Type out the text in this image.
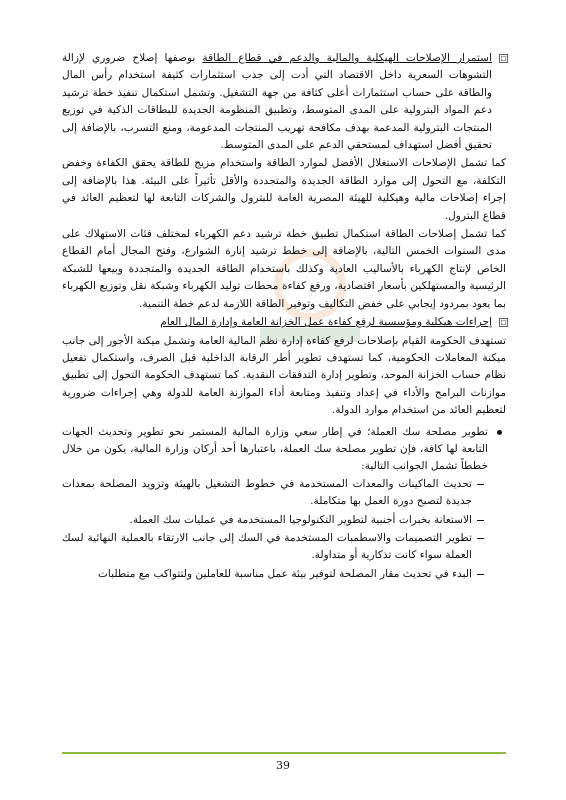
استمرار الإصلاحات الهيكلية والمالية والدعم في قطاع الطاقة بوصفها إصلاح ضروري لإزالة التشوهات السعرية داخل الاقتصاد التي أدت إلى جذب استثمارات كثيفة استخدام رأس المال والطاقة على حساب استثمارات أعلى كثافة من جهة التشغيل. وتشمل استكمال تنفيذ خطة ترشيد دعم المواد البترولية على المدى المتوسط، وتطبيق المنظومة الجديدة للبطاقات الذكية في توزيع المنتجات البترولية المدعمة بهدف مكافحة تهريب المنتجات المدعومة، ومنع التسرب، بالإضافة إلى تحقيق أفضل استهداف لمستحقي الدعم على المدى المتوسط.

كما تشمل الإصلاحات الاستغلال الأفضل لموارد الطاقة واستخدام مزيج للطاقة يحقق الكفاءة وخفض التكلفة، مع التحول إلى موارد الطاقة الجديدة والمتجددة والأقل تأثيراً على البيئة. هذا بالإضافة إلى إجراء إصلاحات مالية وهيكلية للهيئة المصرية العامة للبترول والشركات التابعة لها لتعظيم العائد في قطاع البترول.

كما تشمل إصلاحات الطاقة استكمال تطبيق خطة ترشيد دعم الكهرباء لمختلف فئات الاستهلاك على مدى السنوات الخمس التالية، بالإضافة إلى خطط ترشيد إنارة الشوارع، وفتح المجال أمام القطاع الخاص لإنتاج الكهرباء بالأساليب العادية وكذلك باستخدام الطاقة الجديدة والمتجددة وبيعها للشبكة الرئيسية والمستهلكين بأسعار اقتصادية، ورفع كفاءة محطات توليد الكهرباء وشبكة نقل وتوزيع الكهرباء بما يعود بمردود إيجابي على خفض التكاليف وتوفير الطاقة اللازمة لدعم خطة التنمية.

إجراءات هيكلية ومؤسسية لرفع كفاءة عمل الخزانة العامة وإدارة المال العام

تستهدف الحكومة القيام بإصلاحات لرفع كفاءة إدارة نظم المالية العامة وتشمل ميكنة الأجور إلى جانب ميكنة المعاملات الحكومية، كما تستهدف تطوير أطر الرقابة الداخلية قبل الصرف، واستكمال تفعيل نظام حساب الخزانة الموحد، وتطوير إدارة التدفقات النقدية. كما تستهدف الحكومة التحول إلى تطبيق موازنات البرامج والأداء في إعداد وتنفيذ ومتابعة أداء الموازنة العامة للدولة وهي إجراءات ضرورية لتعظيم العائد من استخدام موارد الدولة.

تطوير مصلحة سك العملة؛ في إطار سعي وزارة المالية المستمر نحو تطوير وتحديث الجهات التابعة لها كافة، فإن تطوير مصلحة سك العملة، باعتبارها أحد أركان وزارة المالية، يكون من خلال خططاً تشمل الجوانب التالية:
تحديث الماكينات والمعدات المستخدمة في خطوط التشغيل بالهيئة وتزويد المصلحة بمعدات جديدة لتصبح دورة العمل بها متكاملة.
الاستعانة بخبرات أجنبية لتطوير التكنولوجيا المستخدمة في عمليات سك العملة.
تطوير التصميمات والاسطمبات المستخدمة في السك إلى جانب الارتقاء بالعملية النهائية لسك العملة سواء كانت تذكارية أو متداولة.
البدء في تحديث مقار المصلحة لتوفير بيئة عمل مناسبة للعاملين ولتتواكب مع متطلبات
39
